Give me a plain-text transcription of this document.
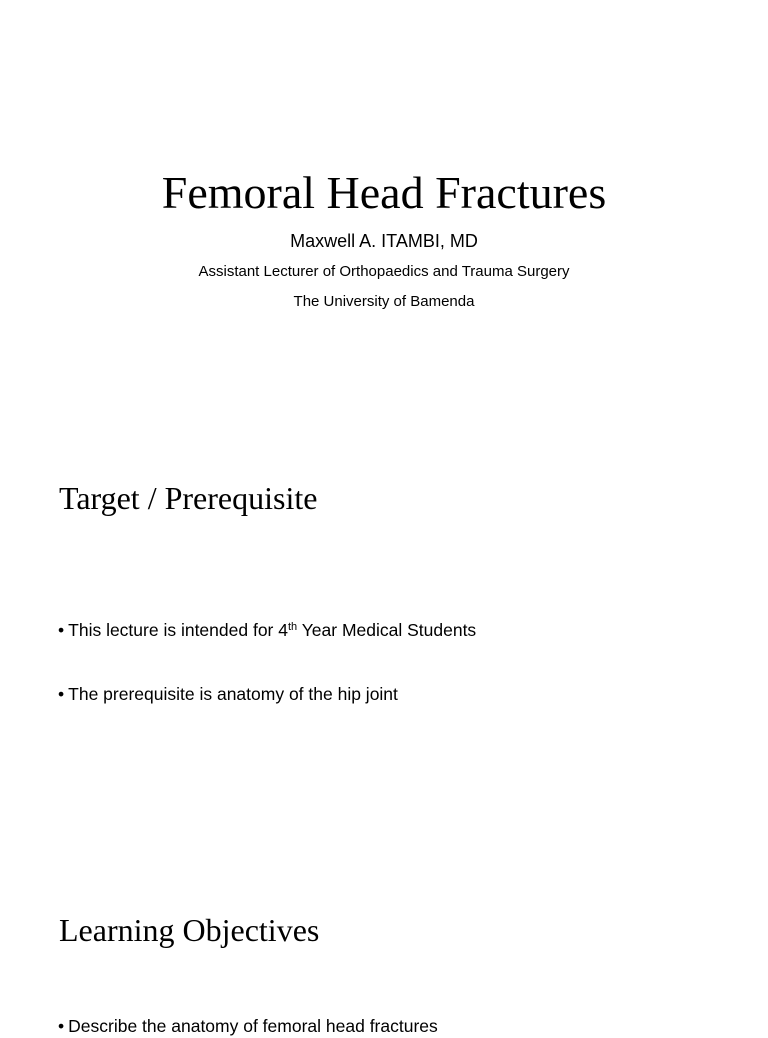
Femoral Head Fractures
Maxwell A. ITAMBI, MD
Assistant Lecturer of Orthopaedics and Trauma Surgery
The University of Bamenda
Target / Prerequisite
• This lecture is intended for 4th Year Medical Students
• The prerequisite is anatomy of the hip joint
Learning Objectives
• Describe the anatomy of femoral head fractures
